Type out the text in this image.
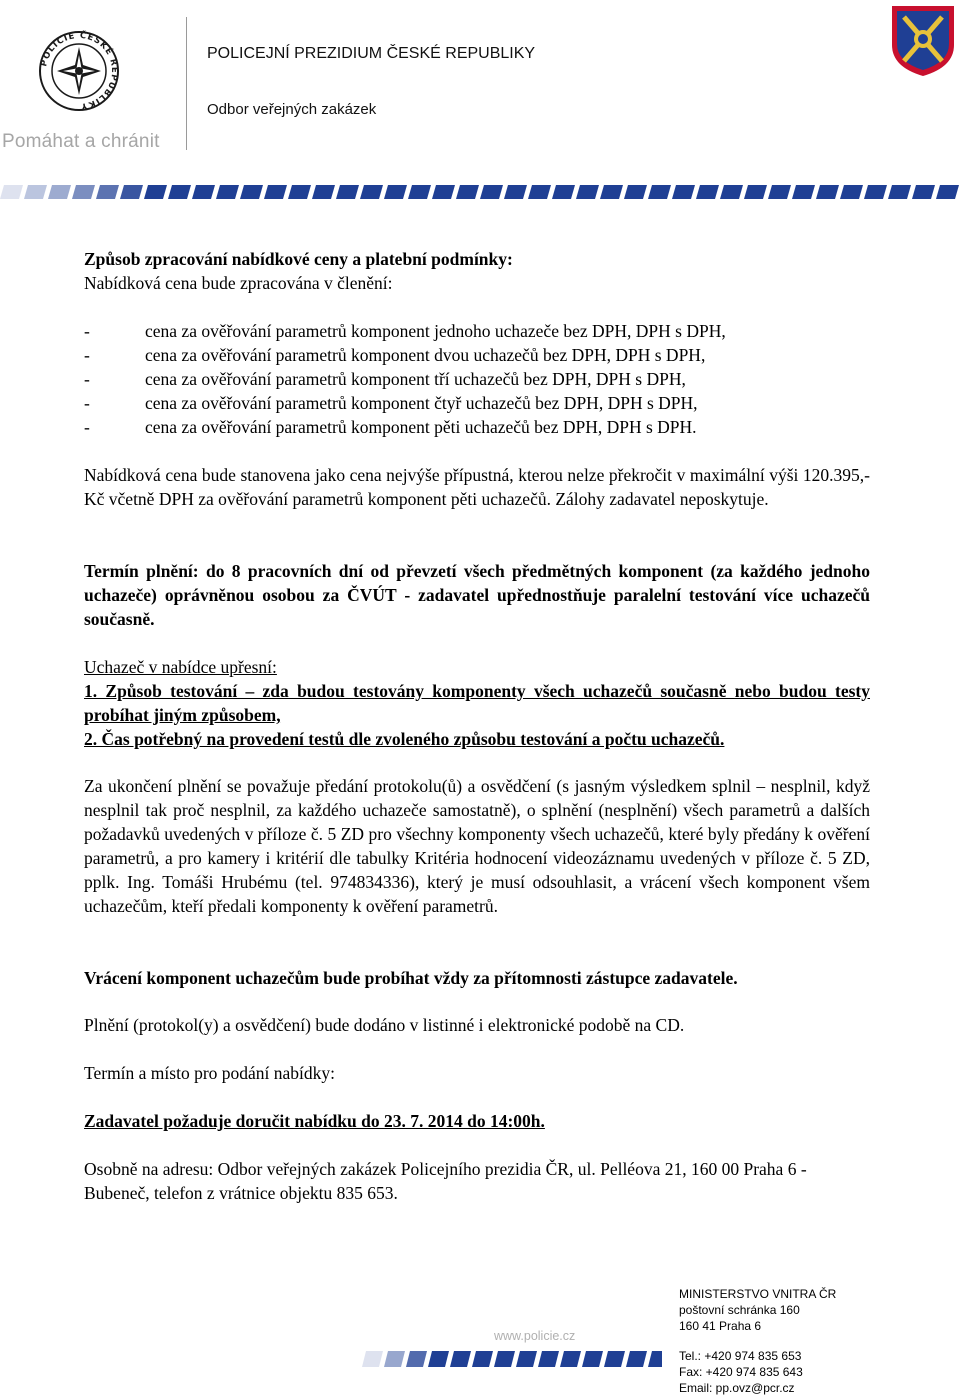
POLICIE ČESKÉ REPUBLIKY
Pomáhat a chránit
POLICEJNÍ PREZIDIUM ČESKÉ REPUBLIKY
Odbor veřejných zakázek
Způsob zpracování nabídkové ceny a platební podmínky:
Nabídková cena bude zpracována v členění:
-	cena za ověřování parametrů komponent jednoho uchazeče bez DPH, DPH s DPH,
-	cena za ověřování parametrů komponent dvou uchazečů bez DPH, DPH s DPH,
-	cena za ověřování parametrů komponent tří uchazečů bez DPH, DPH s DPH,
-	cena za ověřování parametrů komponent čtyř uchazečů bez DPH, DPH s DPH,
-	cena za ověřování parametrů komponent pěti uchazečů bez DPH, DPH s DPH.
Nabídková cena bude stanovena jako cena nejvýše přípustná, kterou nelze překročit v maximální výši 120.395,-Kč včetně DPH za ověřování parametrů komponent pěti uchazečů. Zálohy zadavatel neposkytuje.
Termín plnění: do 8 pracovních dní od převzetí všech předmětných komponent (za každého jednoho uchazeče) oprávněnou osobou za ČVÚT - zadavatel upřednostňuje paralelní testování více uchazečů současně.
Uchazeč v nabídce upřesní:
1. Způsob testování – zda budou testovány komponenty všech uchazečů současně nebo budou testy probíhat jiným způsobem,
2. Čas potřebný na provedení testů dle zvoleného způsobu testování a počtu uchazečů.
Za ukončení plnění se považuje předání protokolu(ů) a osvědčení (s jasným výsledkem splnil – nesplnil, když nesplnil tak proč nesplnil, za každého uchazeče samostatně), o splnění (nesplnění) všech parametrů a dalších požadavků uvedených v příloze č. 5 ZD pro všechny komponenty všech uchazečů, které byly předány k ověření parametrů, a pro kamery i kritérií dle tabulky Kritéria hodnocení videozáznamu uvedených v příloze č. 5 ZD, pplk. Ing. Tomáši Hrubému (tel. 974834336), který je musí odsouhlasit, a vrácení všech komponent všem uchazečům, kteří předali komponenty k ověření parametrů.
Vrácení komponent uchazečům bude probíhat vždy za přítomnosti zástupce zadavatele.
Plnění (protokol(y) a osvědčení) bude dodáno v listinné i elektronické podobě na CD.
Termín a místo pro podání nabídky:
Zadavatel požaduje doručit nabídku do 23. 7. 2014 do 14:00h.
Osobně na adresu: Odbor veřejných zakázek Policejního prezidia ČR, ul. Pelléova 21, 160 00 Praha 6 - Bubeneč, telefon z vrátnice objektu 835 653.
www.policie.cz
MINISTERSTVO VNITRA ČR
poštovní schránka 160
160 41 Praha 6
Tel.: +420 974 835 653
Fax: +420 974 835 643
Email: pp.ovz@pcr.cz
